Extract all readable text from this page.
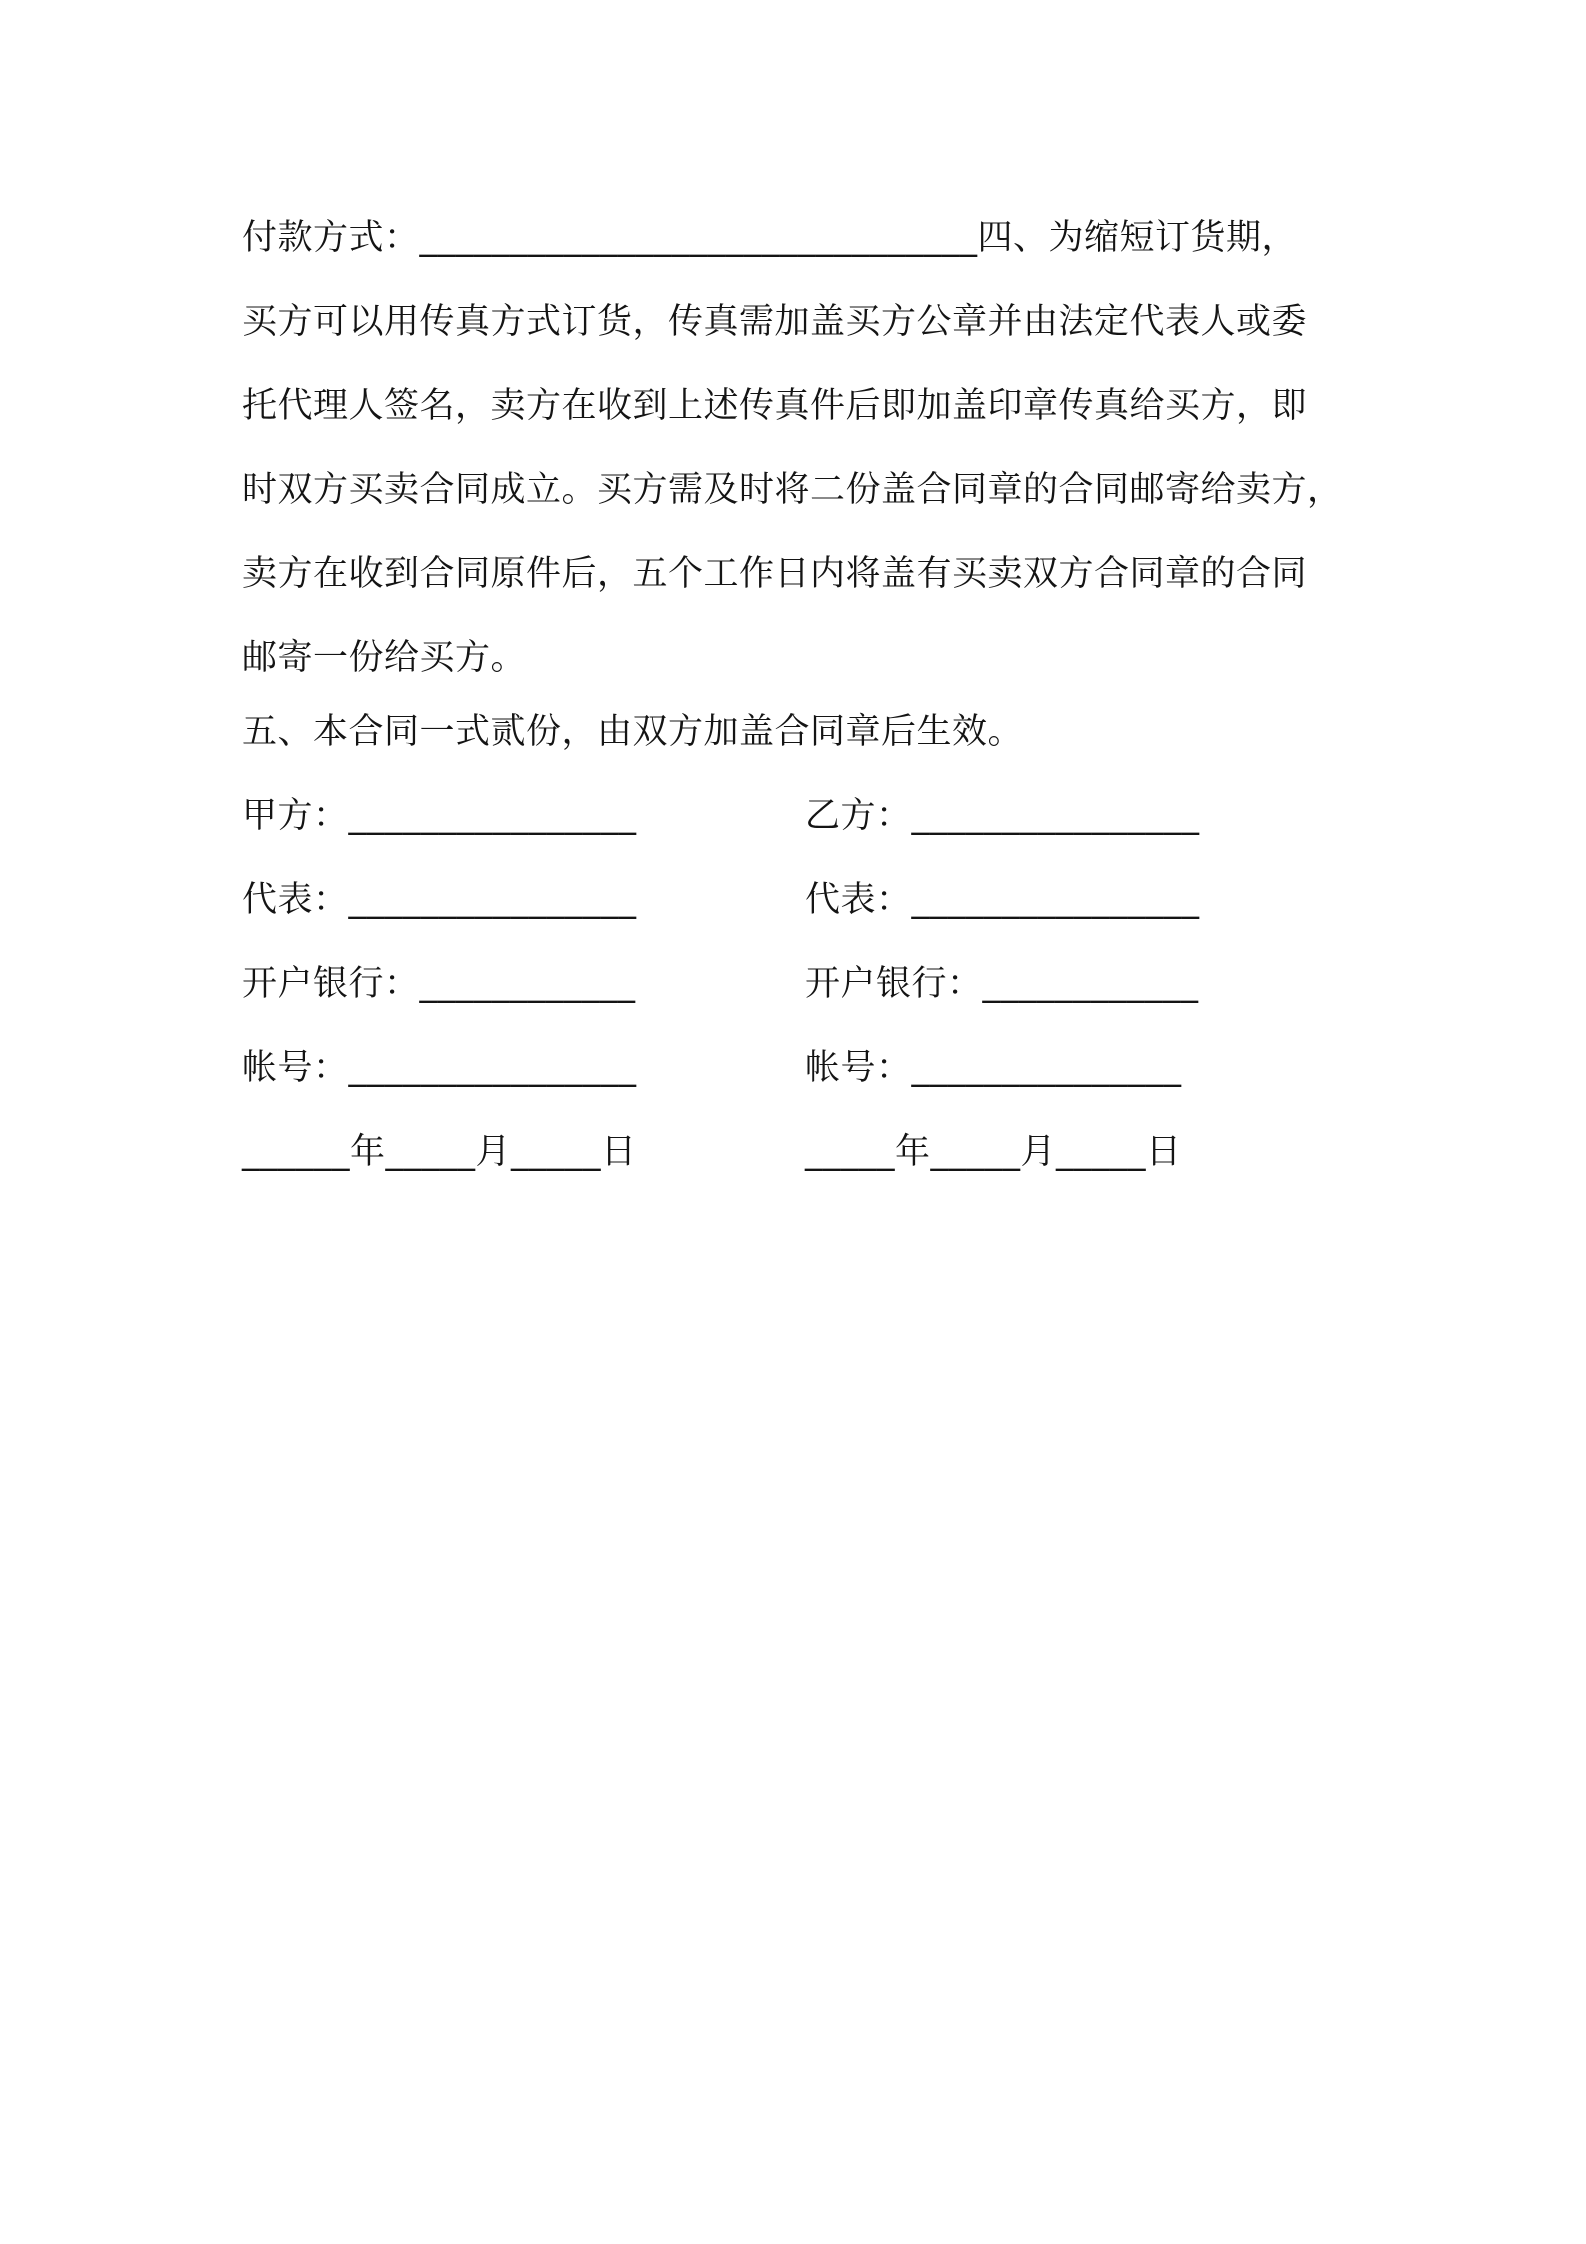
付款方式：_______________________________四、为缩短订货期，
买方可以用传真方式订货，传真需加盖买方公章并由法定代表人或委
托代理人签名，卖方在收到上述传真件后即加盖印章传真给买方，即
时双方买卖合同成立。买方需及时将二份盖合同章的合同邮寄给卖方，
卖方在收到合同原件后，五个工作日内将盖有买卖双方合同章的合同
邮寄一份给买方。
五、本合同一式贰份，由双方加盖合同章后生效。
甲方：________________	乙方：________________
代表：________________	代表：________________
开户银行：____________	开户银行：____________
帐号：________________	帐号：_______________
______年_____月_____日	_____年_____月_____日
